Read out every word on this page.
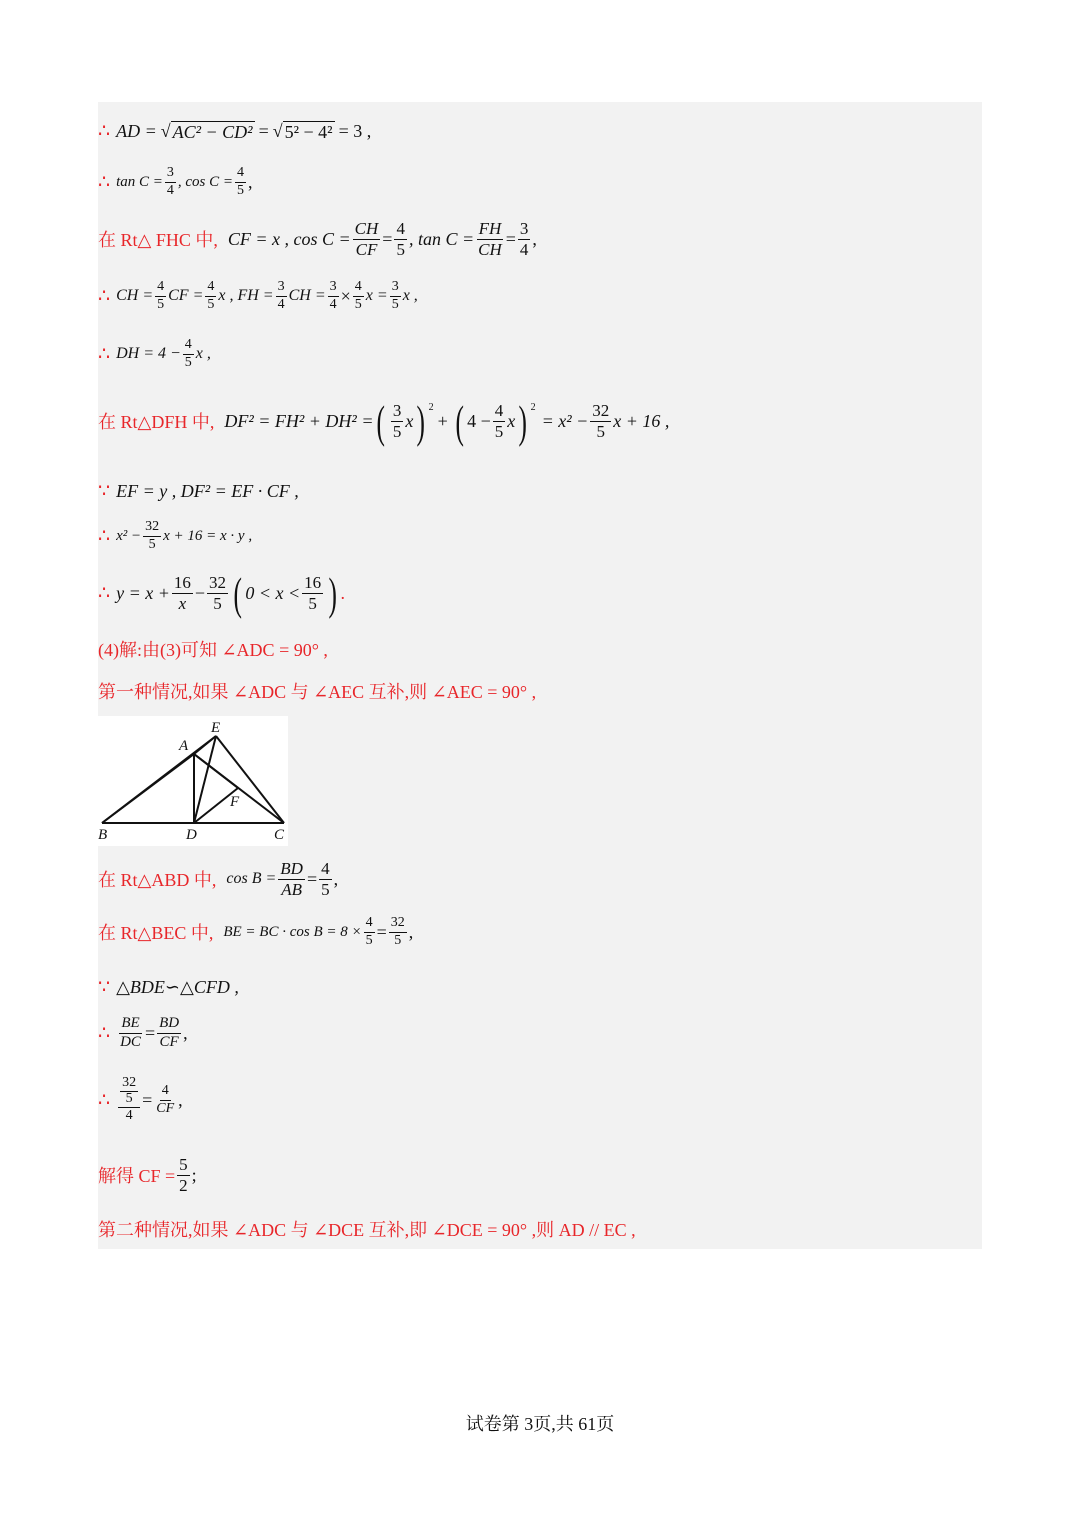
∴ AD = √ AC² − CD² = √ 5² − 4² = 3 ,
∴ $\tan C = \frac{3}{4}$ , $\cos C = \frac{4}{5}$ ,
在 Rt△ FHC 中, CF = x , $\cos C = \frac{CH}{CF} = \frac{4}{5}$ , $\tan C = \frac{FH}{CH} = \frac{3}{4}$ ,
∴ CH = $\frac{4}{5}$ CF = $\frac{4}{5}$ x , FH = $\frac{3}{4}$ CH = $\frac{3}{4} \times \frac{4}{5}$ $x = \frac{3}{5}$ x ,
∴ DH = $4 - \frac{4}{5}$ x ,
在 Rt△DFH 中, DF² = FH² + DH² = ( 3
5
x ) $^2$
+ ( $4 - \frac{4}{5}$ x ) $^2$
= $x^2 - \frac{32}{5}$ x + 16 ,
∵ EF = y , DF² = EF · CF ,
∴ $x^2 - \frac{32}{5}$ x + 16 = x · y ,
∴ $y = x + \frac{16}{x} - \frac{32}{5}$ ( 0 < x <
16
5 ) .
(4)解:由(3)可知 ∠ADC = 90° ,
第一种情况,如果 ∠ADC 与 ∠AEC 互补,则 ∠AEC = 90° ,
E
A
F
B	D	C
在 Rt△ABD 中, $\cos B = \frac{BD}{AB} = \frac{4}{5}$ ,
在 Rt△BEC 中, BE = BC · $\cos B = 8 \times \frac{4}{5} = \frac{32}{5}$ ,
∵ △BDE∽△CFD ,
∴ $\frac{BE}{DC} = \frac{BD}{CF}$ ,
∴ 32
5
$4 = \frac{4}{CF}$ ,
解得 CF = $\frac{5}{2}$ ;
第二种情况,如果 ∠ADC 与 ∠DCE 互补,即 ∠DCE = 90° ,则 AD // EC ,
试卷第 3页,共 61页
